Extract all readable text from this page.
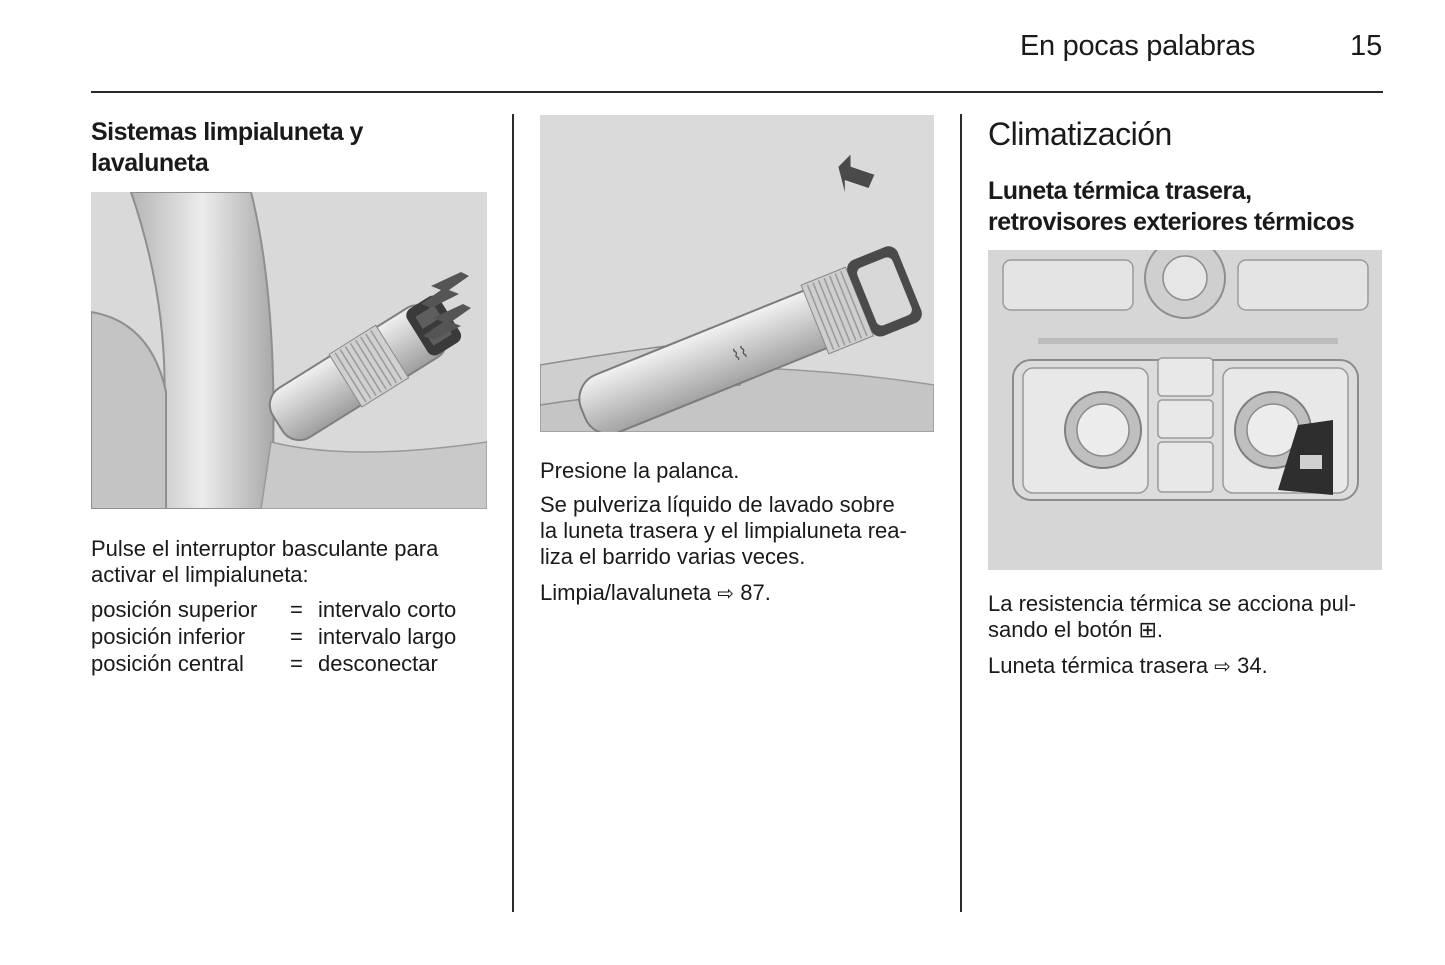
En pocas palabras	15
Sistemas limpialuneta y
lavaluneta
Pulse el interruptor basculante para
activar el limpialuneta:
posición superior	= intervalo corto
posición inferior	= intervalo largo
posición central	= desconectar
⌇⌇
Presione la palanca.
Se pulveriza líquido de lavado sobre
la luneta trasera y el limpialuneta rea-
liza el barrido varias veces.
Limpia/lavaluneta ⇨ 87.
Climatización
Luneta térmica trasera,
retrovisores exteriores térmicos
La resistencia térmica se acciona pul-
sando el botón ⊞.
Luneta térmica trasera ⇨ 34.
